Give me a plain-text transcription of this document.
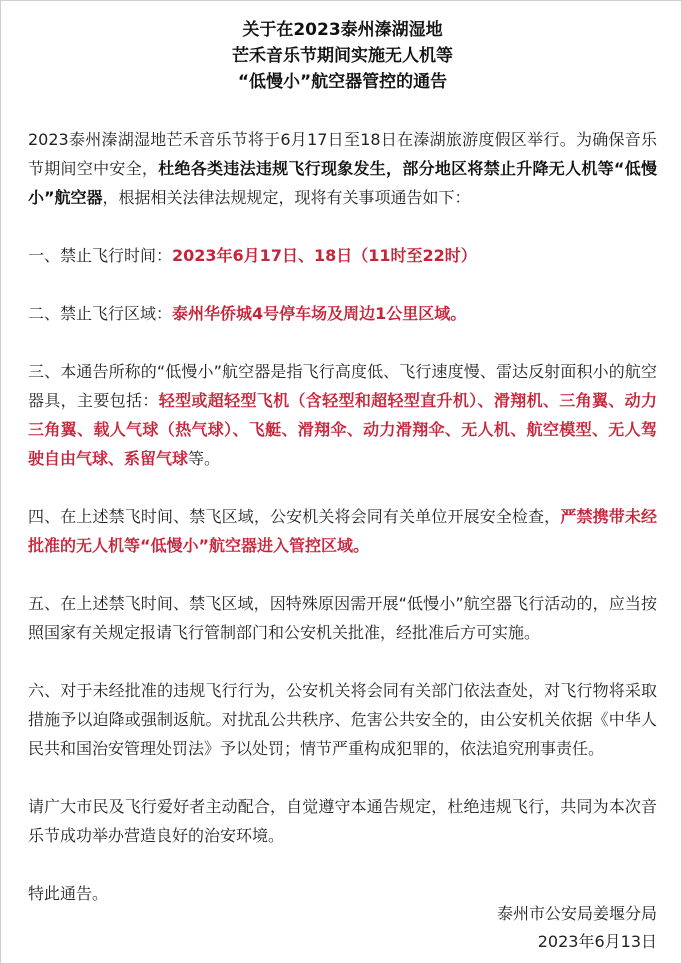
关于在2023泰州溱湖湿地
芒禾音乐节期间实施无人机等
“低慢小”航空器管控的通告

2023泰州溱湖湿地芒禾音乐节将于6月17日至18日在溱湖旅游度假区举行。为确保音乐节期间空中安全，杜绝各类违法违规飞行现象发生，部分地区将禁止升降无人机等“低慢小”航空器，根据相关法律法规规定，现将有关事项通告如下：

一、禁止飞行时间：2023年6月17日、18日（11时至22时）

二、禁止飞行区域：泰州华侨城4号停车场及周边1公里区域。

三、本通告所称的“低慢小”航空器是指飞行高度低、飞行速度慢、雷达反射面积小的航空器具，主要包括：轻型或超轻型飞机（含轻型和超轻型直升机）、滑翔机、三角翼、动力三角翼、载人气球（热气球）、飞艇、滑翔伞、动力滑翔伞、无人机、航空模型、无人驾驶自由气球、系留气球等。

四、在上述禁飞时间、禁飞区域，公安机关将会同有关单位开展安全检查，严禁携带未经批准的无人机等“低慢小”航空器进入管控区域。

五、在上述禁飞时间、禁飞区域，因特殊原因需开展“低慢小”航空器飞行活动的，应当按照国家有关规定报请飞行管制部门和公安机关批准，经批准后方可实施。

六、对于未经批准的违规飞行行为，公安机关将会同有关部门依法查处，对飞行物将采取措施予以迫降或强制返航。对扰乱公共秩序、危害公共安全的，由公安机关依据《中华人民共和国治安管理处罚法》予以处罚；情节严重构成犯罪的，依法追究刑事责任。

请广大市民及飞行爱好者主动配合，自觉遵守本通告规定，杜绝违规飞行，共同为本次音乐节成功举办营造良好的治安环境。

特此通告。

泰州市公安局姜堰分局
2023年6月13日
